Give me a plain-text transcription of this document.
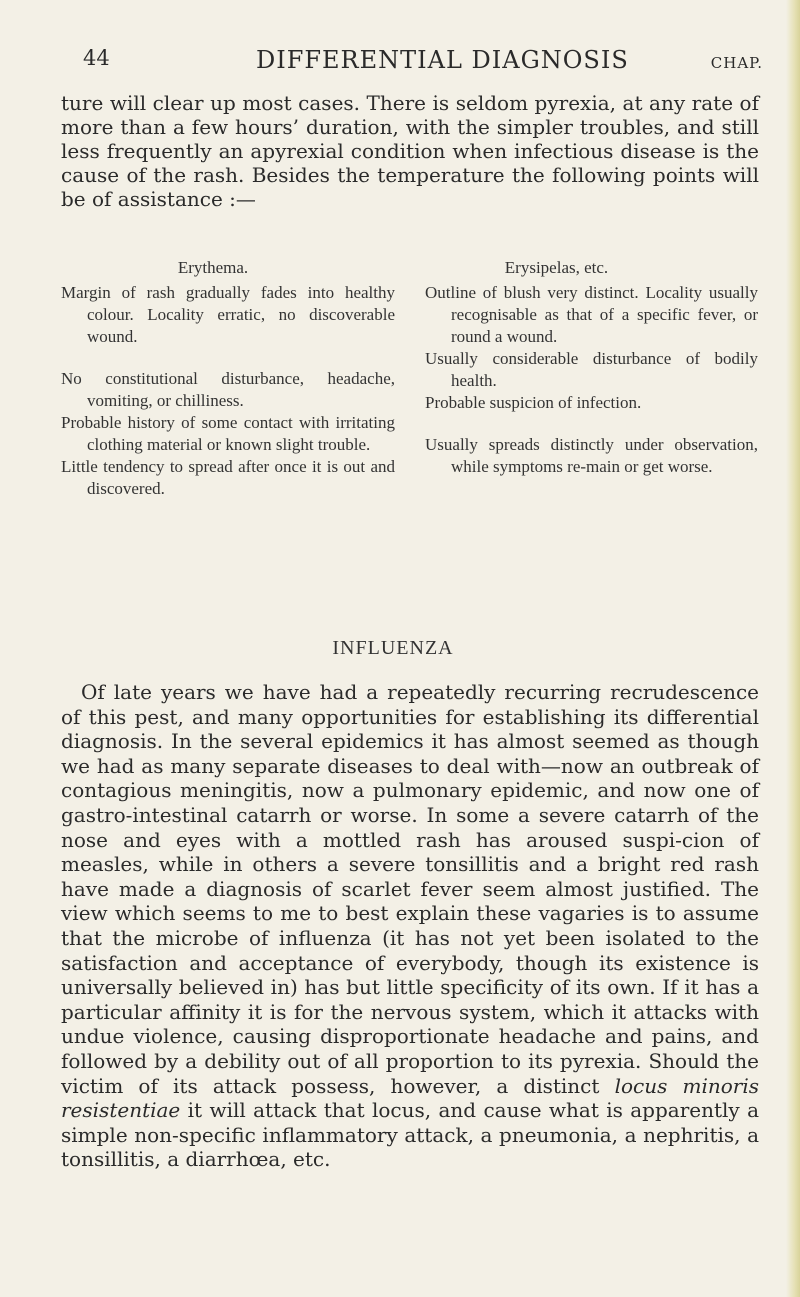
44	DIFFERENTIAL DIAGNOSIS	CHAP.

ture will clear up most cases. There is seldom pyrexia, at any rate of more than a few hours’ duration, with the simpler troubles, and still less frequently an apyrexial condition when infectious disease is the cause of the rash. Besides the temperature the following points will be of assistance :—

Erythema.

Margin of rash gradually fades into healthy colour. Locality erratic, no discoverable wound.

No constitutional disturbance, headache, vomiting, or chilliness.

Probable history of some contact with irritating clothing material or known slight trouble.

Little tendency to spread after once it is out and discovered.

Erysipelas, etc.

Outline of blush very distinct. Locality usually recognisable as that of a specific fever, or round a wound.

Usually considerable disturbance of bodily health.

Probable suspicion of infection.

Usually spreads distinctly under observation, while symptoms re-main or get worse.

INFLUENZA

Of late years we have had a repeatedly recurring recrudescence of this pest, and many opportunities for establishing its differential diagnosis. In the several epidemics it has almost seemed as though we had as many separate diseases to deal with—now an outbreak of contagious meningitis, now a pulmonary epidemic, and now one of gastro-intestinal catarrh or worse. In some a severe catarrh of the nose and eyes with a mottled rash has aroused suspi-cion of measles, while in others a severe tonsillitis and a bright red rash have made a diagnosis of scarlet fever seem almost justified. The view which seems to me to best explain these vagaries is to assume that the microbe of influenza (it has not yet been isolated to the satisfaction and acceptance of everybody, though its existence is universally believed in) has but little specificity of its own. If it has a particular affinity it is for the nervous system, which it attacks with undue violence, causing disproportionate headache and pains, and followed by a debility out of all proportion to its pyrexia. Should the victim of its attack possess, however, a distinct locus minoris resistentiae it will attack that locus, and cause what is apparently a simple non-specific inflammatory attack, a pneumonia, a nephritis, a tonsillitis, a diarrhœa, etc.
